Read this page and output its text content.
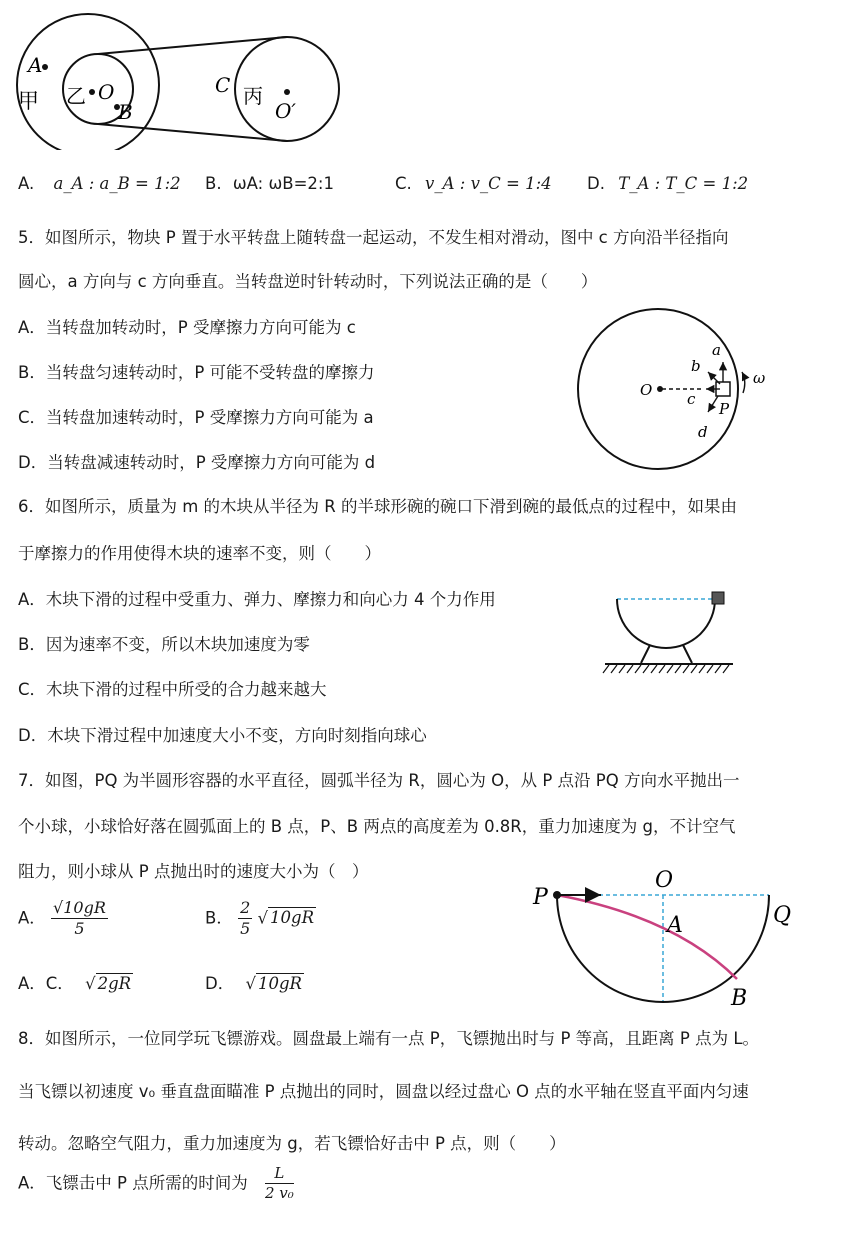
A
甲 乙 O
B
C 丙
O′
A. a_A : a_B = 1:2 B. ωA: ωB=2:1	C. v_A : v_C = 1:4 D. T_A : T_C = 1:2
5．如图所示，物块 P 置于水平转盘上随转盘一起运动，不发生相对滑动，图中 c 方向沿半径指向
圆心，a 方向与 c 方向垂直。当转盘逆时针转动时，下列说法正确的是（　　）
A．当转盘加转动时，P 受摩擦力方向可能为 c
B．当转盘匀速转动时，P 可能不受转盘的摩擦力
C．当转盘加速转动时，P 受摩擦力方向可能为 a
D．当转盘减速转动时，P 受摩擦力方向可能为 d
O
a
b
c
d
P
ω
6．如图所示，质量为 m 的木块从半径为 R 的半球形碗的碗口下滑到碗的最低点的过程中，如果由
于摩擦力的作用使得木块的速率不变，则（　　）
A．木块下滑的过程中受重力、弹力、摩擦力和向心力 4 个力作用
B．因为速率不变，所以木块加速度为零
C．木块下滑的过程中所受的合力越来越大
D．木块下滑过程中加速度大小不变，方向时刻指向球心
7．如图，PQ 为半圆形容器的水平直径，圆弧半径为 R，圆心为 O，从 P 点沿 PQ 方向水平抛出一
个小球，小球恰好落在圆弧面上的 B 点，P、B 两点的高度差为 0.8R，重力加速度为 g，不计空气
阻力，则小球从 P 点抛出时的速度大小为（　）
A． $\frac{√10gR}{5}$	B． $\frac{2}{5}$ √ 10gR
A．C． √ 2gR	D． √ 10gR
P
O
Q
A
B
8．如图所示，一位同学玩飞镖游戏。圆盘最上端有一点 P，飞镖抛出时与 P 等高，且距离 P 点为 L。
当飞镖以初速度 v₀ 垂直盘面瞄准 P 点抛出的同时，圆盘以经过盘心 O 点的水平轴在竖直平面内匀速
转动。忽略空气阻力，重力加速度为 g，若飞镖恰好击中 P 点，则（　　）
A．飞镖击中 P 点所需的时间为 $\frac{L}{\text{2 v₀}}$
